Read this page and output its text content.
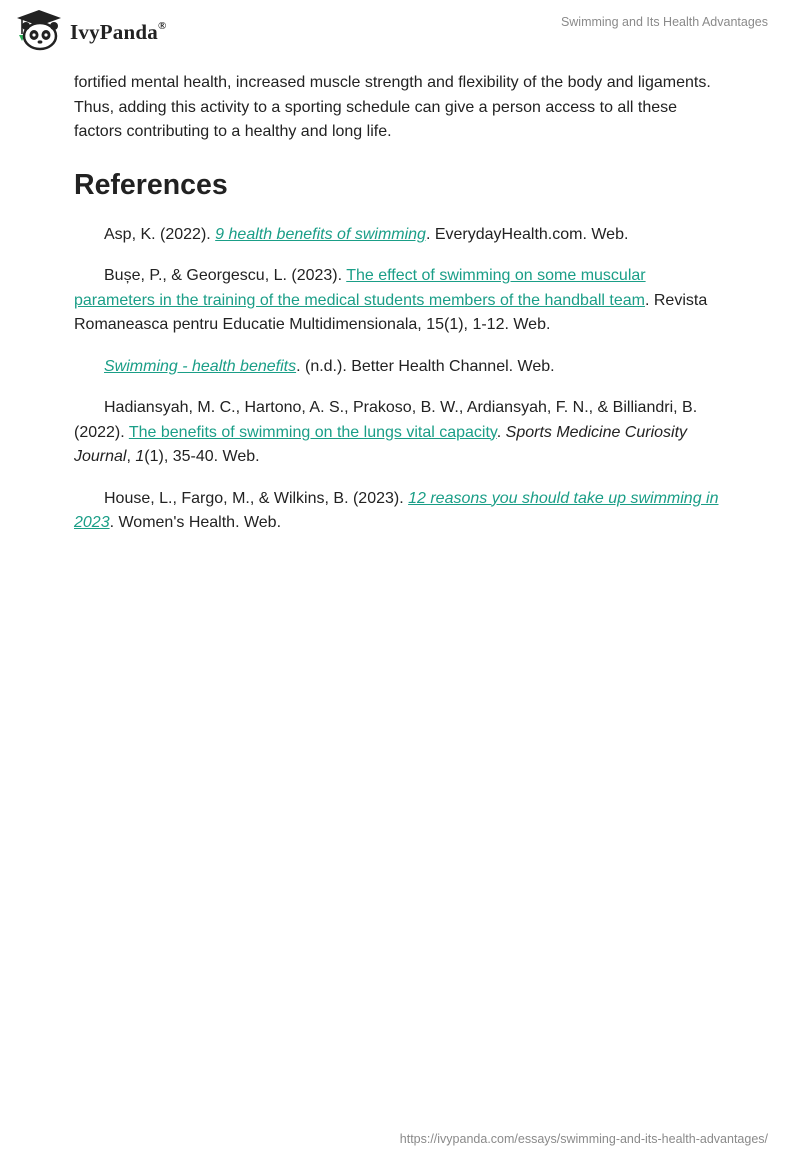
IvyPanda®	Swimming and Its Health Advantages

fortified mental health, increased muscle strength and flexibility of the body and ligaments. Thus, adding this activity to a sporting schedule can give a person access to all these factors contributing to a healthy and long life.

References

Asp, K. (2022). 9 health benefits of swimming. EverydayHealth.com. Web.

Bușe, P., & Georgescu, L. (2023). The effect of swimming on some muscular parameters in the training of the medical students members of the handball team. Revista Romaneasca pentru Educatie Multidimensionala, 15(1), 1-12. Web.

Swimming - health benefits. (n.d.). Better Health Channel. Web.

Hadiansyah, M. C., Hartono, A. S., Prakoso, B. W., Ardiansyah, F. N., & Billiandri, B. (2022). The benefits of swimming on the lungs vital capacity. Sports Medicine Curiosity Journal, 1(1), 35-40. Web.

House, L., Fargo, M., & Wilkins, B. (2023). 12 reasons you should take up swimming in 2023. Women's Health. Web.

https://ivypanda.com/essays/swimming-and-its-health-advantages/
